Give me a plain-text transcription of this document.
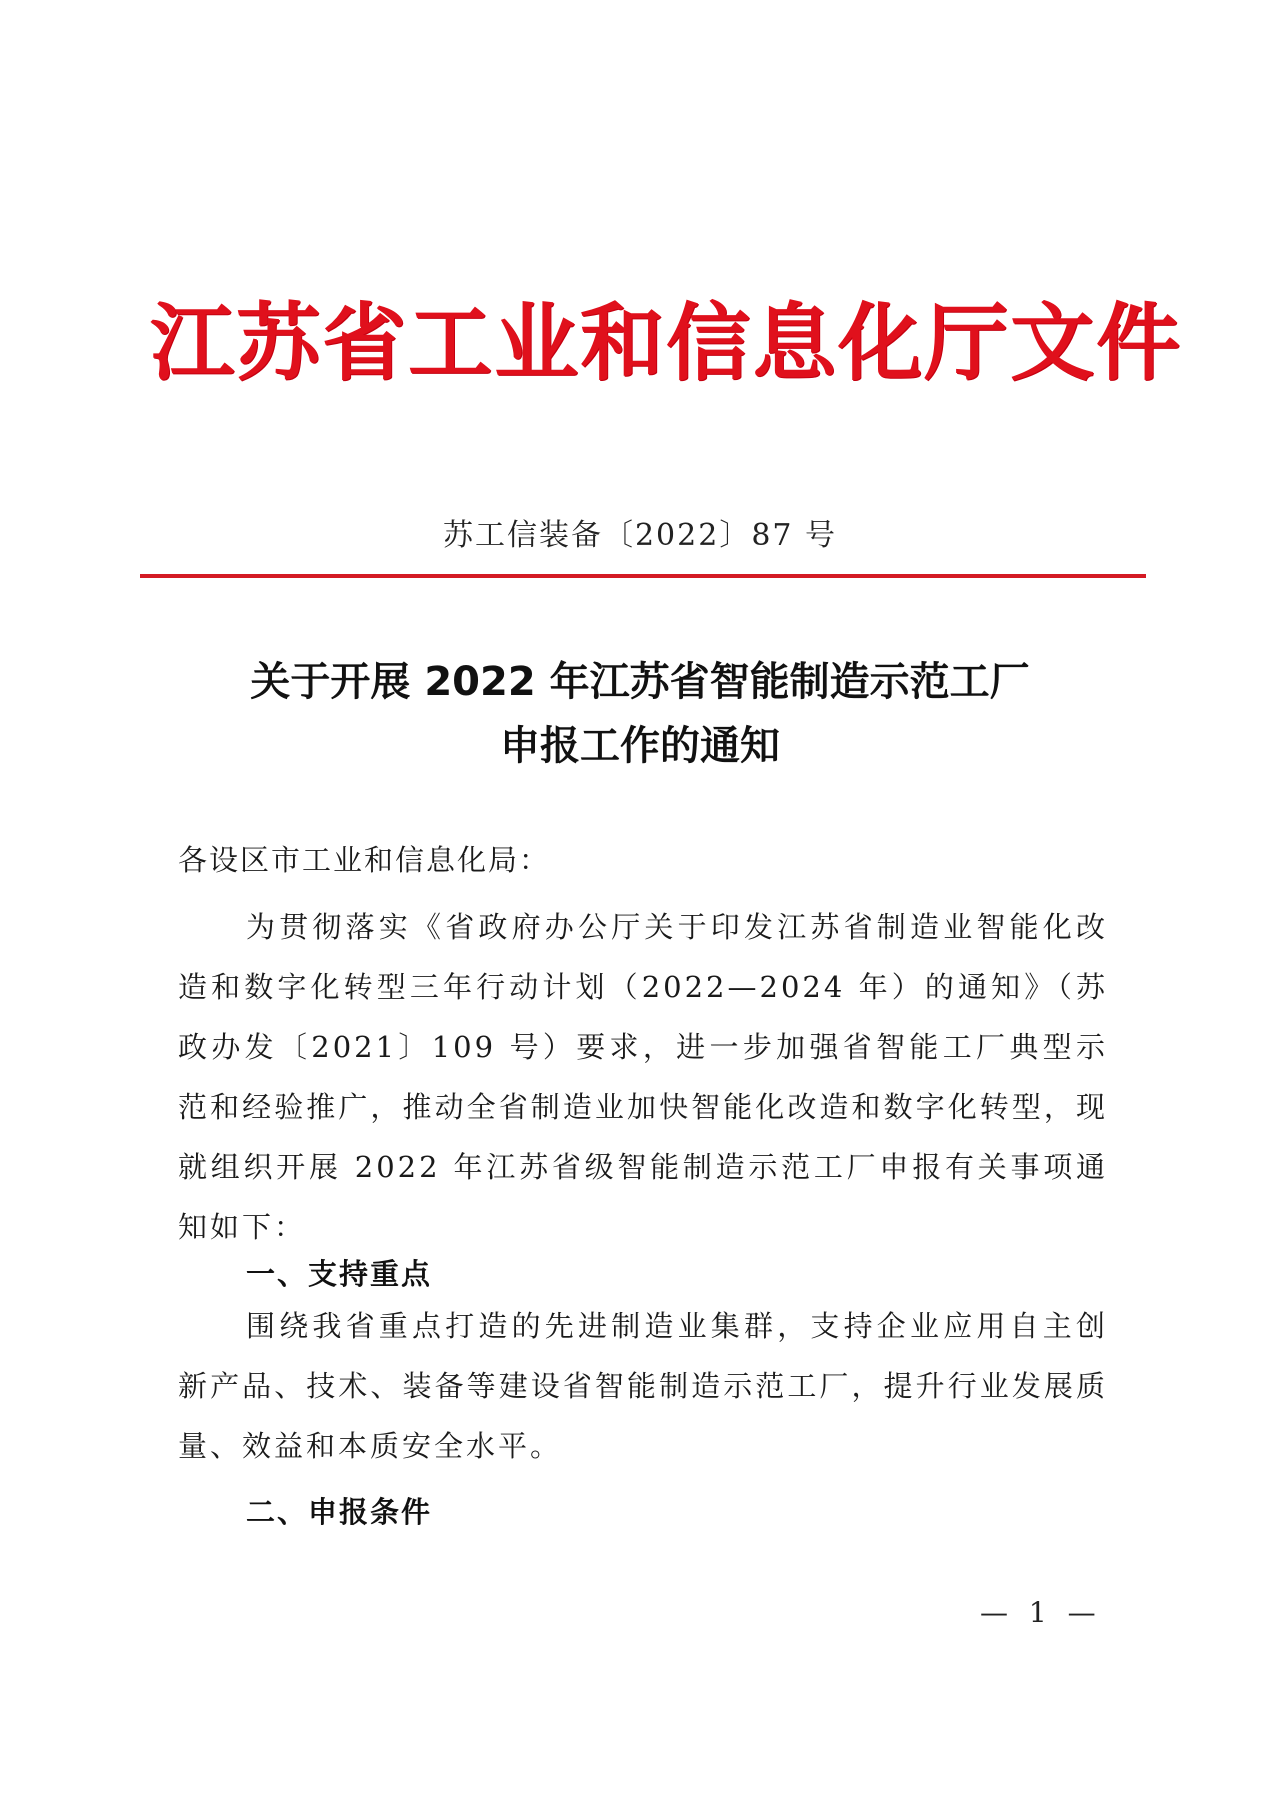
江苏省工业和信息化厅文件
苏工信装备〔2022〕87 号
关于开展 2022 年江苏省智能制造示范工厂
申报工作的通知
各设区市工业和信息化局：

为贯彻落实《省政府办公厅关于印发江苏省制造业智能化改造和数字化转型三年行动计划（2022—2024 年）的通知》（苏政办发〔2021〕109 号）要求，进一步加强省智能工厂典型示范和经验推广，推动全省制造业加快智能化改造和数字化转型，现就组织开展 2022 年江苏省级智能制造示范工厂申报有关事项通知如下：

一、支持重点

围绕我省重点打造的先进制造业集群，支持企业应用自主创新产品、技术、装备等建设省智能制造示范工厂，提升行业发展质量、效益和本质安全水平。

二、申报条件
— 1 —
